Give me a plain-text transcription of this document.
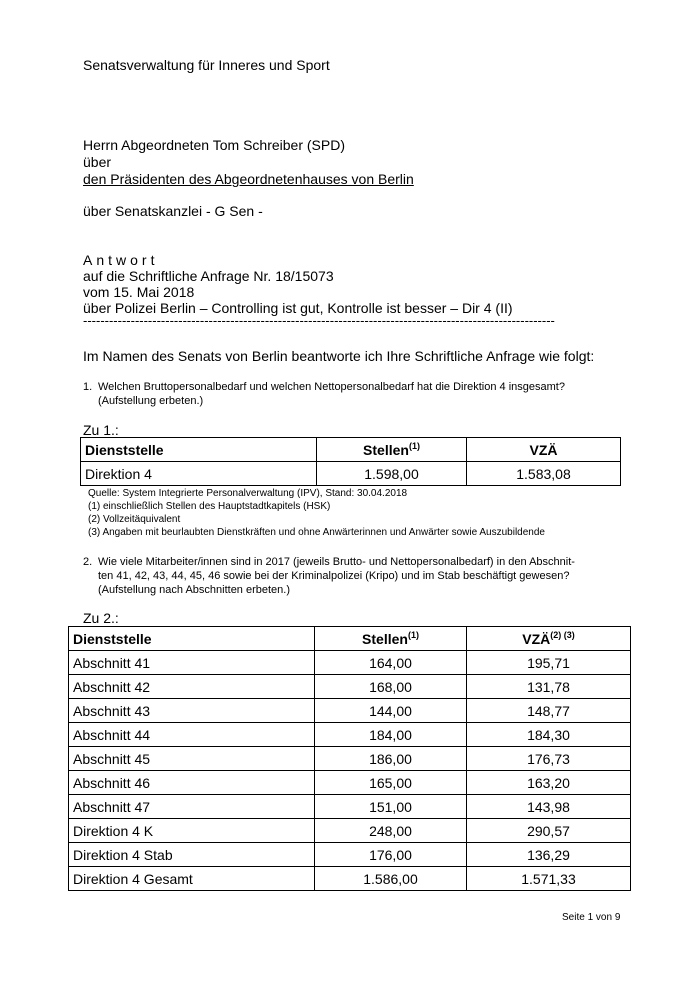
Senatsverwaltung für Inneres und Sport
Herrn Abgeordneten Tom Schreiber (SPD)
über
den Präsidenten des Abgeordnetenhauses von Berlin
über Senatskanzlei - G Sen -
Antwort
auf die Schriftliche Anfrage Nr. 18/15073
vom 15. Mai 2018
über Polizei Berlin – Controlling ist gut, Kontrolle ist besser – Dir 4 (II)
-------------------------------------------------------------------------------------------------------------
Im Namen des Senats von Berlin beantworte ich Ihre Schriftliche Anfrage wie folgt:
1. Welchen Bruttopersonalbedarf und welchen Nettopersonalbedarf hat die Direktion 4 insgesamt?
(Aufstellung erbeten.)
Zu 1.:
Dienststelle	Stellen$^{(1)}$	VZÄ
Direktion 4	1.598,00	1.583,08
Quelle: System Integrierte Personalverwaltung (IPV), Stand: 30.04.2018
(1) einschließlich Stellen des Hauptstadtkapitels (HSK)
(2) Vollzeitäquivalent
(3) Angaben mit beurlaubten Dienstkräften und ohne Anwärterinnen und Anwärter sowie Auszubildende
2. Wie viele Mitarbeiter/innen sind in 2017 (jeweils Brutto- und Nettopersonalbedarf) in den Abschnit-
ten 41, 42, 43, 44, 45, 46 sowie bei der Kriminalpolizei (Kripo) und im Stab beschäftigt gewesen?
(Aufstellung nach Abschnitten erbeten.)
Zu 2.:
Dienststelle	Stellen$^{(1)}$	$VZÄ^{(2) (3)}$
Abschnitt 41	164,00	195,71
Abschnitt 42	168,00	131,78
Abschnitt 43	144,00	148,77
Abschnitt 44	184,00	184,30
Abschnitt 45	186,00	176,73
Abschnitt 46	165,00	163,20
Abschnitt 47	151,00	143,98
Direktion 4 K	248,00	290,57
Direktion 4 Stab	176,00	136,29
Direktion 4 Gesamt	1.586,00	1.571,33
Seite 1 von 9
